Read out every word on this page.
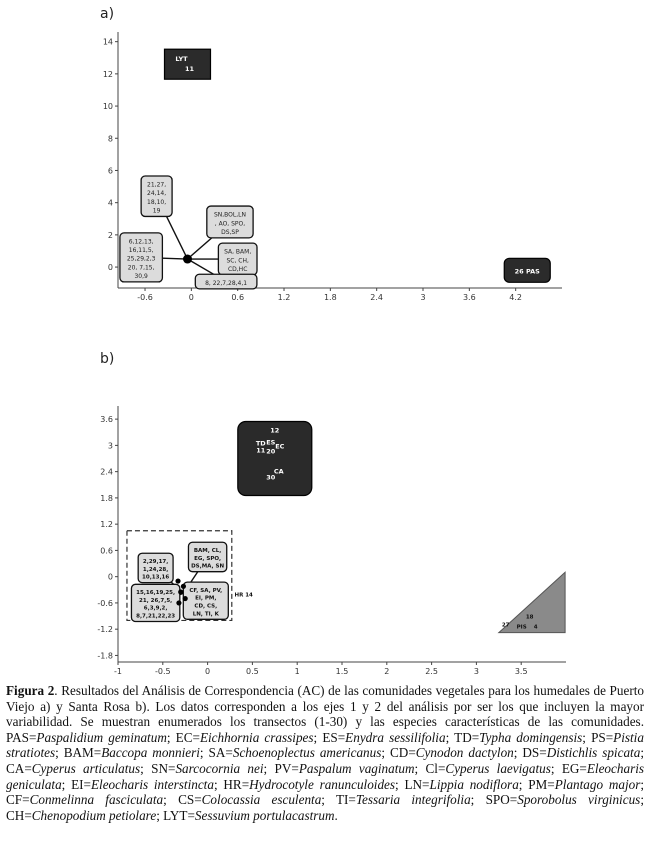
a)
14
12
10
8
6
4
2
0
-0.6	0	0.6	1.2	1.8	2.4	3	3.6	4.2
21,27,
24,14,
18,10,
19
SN,BOL,LN
, AO, SPO,
DS,SP
6,12,13,
16,11,5,
25,29,2,3
20, 7,15,
30,9
SA, BAM,
SC, CH,
CD,HC
8, 22,7,28,4,1
LYT
11
26 PAS
b)
3.6
3
2.4
1.8
1.2
0.6
0
-0.6
-1.2
-1.8
-1	-0.5	0	0.5	1	1.5	2	2.5	3	3.5
2,29,17,
1,24,28,
10,13,16
BAM, CL,
EG, SPO,
DS,MA, SN
15,16,19,25,
21, 26,7,5,
6,3,9,2,
8,7,21,22,23
CF, SA, PV,
EI, PM,
CD, CS,
LN, TI, K
12
TD ES
11 EC
20
CA
30
27
18
PIS 4
HR 14
Figura 2. Resultados del Análisis de Correspondencia (AC) de las comunidades vegetales para los humedales de Puerto Viejo a) y Santa Rosa b). Los datos corresponden a los ejes 1 y 2 del análisis por ser los que incluyen la mayor variabilidad. Se muestran enumerados los transectos (1-30) y las especies características de las comunidades. PAS=Paspalidium geminatum; EC=Eichhornia crassipes; ES=Enydra sessilifolia; TD=Typha domingensis; PS=Pistia stratiotes; BAM=Baccopa monnieri; SA=Schoenoplectus americanus; CD=Cynodon dactylon; DS=Distichlis spicata; CA=Cyperus articulatus; SN=Sarcocornia nei; PV=Paspalum vaginatum; Cl=Cyperus laevigatus; EG=Eleocharis geniculata; EI=Eleocharis interstincta; HR=Hydrocotyle ranunculoides; LN=Lippia nodiflora; PM=Plantago major; CF=Conmelinna fasciculata; CS=Colocassia esculenta; TI=Tessaria integrifolia; SPO=Sporobolus virginicus; CH=Chenopodium petiolare; LYT=Sessuvium portulacastrum.
